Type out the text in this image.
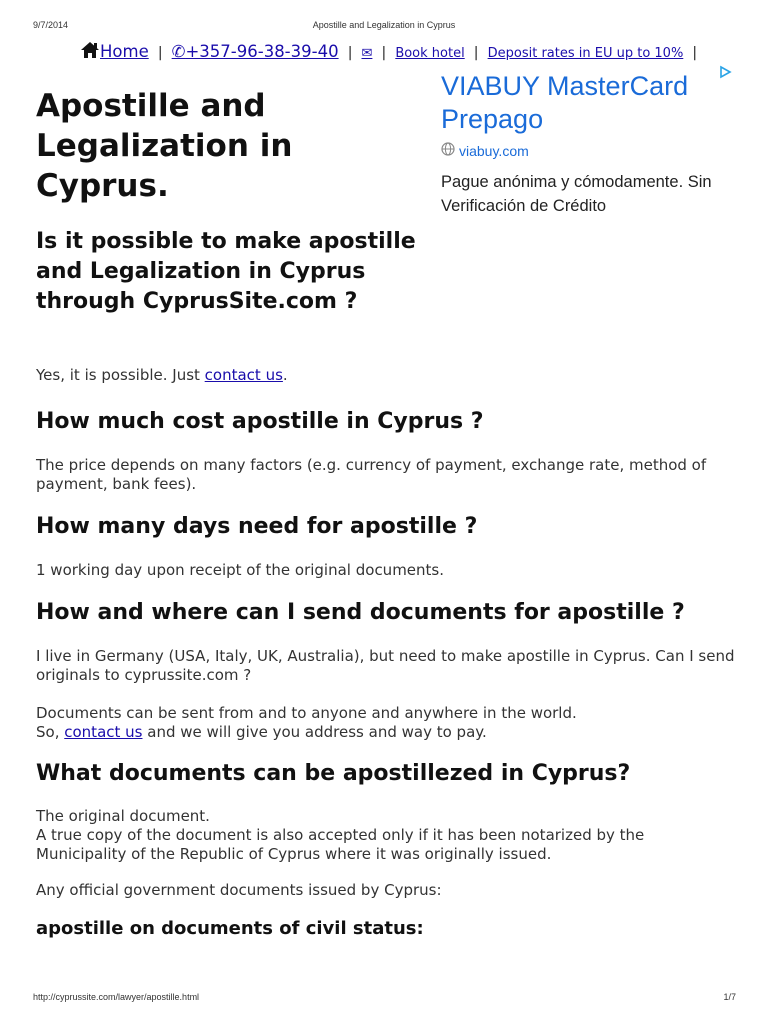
9/7/2014	Apostille and Legalization in Cyprus
Home | ✆+357-96-38-39-40 | ✉ | Book hotel | Deposit rates in EU up to 10% |
VIABUY MasterCard Prepago
viabuy.com
Pague anónima y cómodamente. Sin Verificación de Crédito
Apostille and Legalization in Cyprus.
Is it possible to make apostille and Legalization in Cyprus through CyprusSite.com ?

Yes, it is possible. Just contact us.

How much cost apostille in Cyprus ?

The price depends on many factors (e.g. currency of payment, exchange rate, method of payment, bank fees).

How many days need for apostille ?

1 working day upon receipt of the original documents.

How and where can I send documents for apostille ?

I live in Germany (USA, Italy, UK, Australia), but need to make apostille in Cyprus. Can I send originals to cyprussite.com ?

Documents can be sent from and to anyone and anywhere in the world.
So, contact us and we will give you address and way to pay.

What documents can be apostillezed in Cyprus?

The original document.
A true copy of the document is also accepted only if it has been notarized by the Municipality of the Republic of Cyprus where it was originally issued.

Any official government documents issued by Cyprus:

apostille on documents of civil status:
http://cyprussite.com/lawyer/apostille.html	1/7
